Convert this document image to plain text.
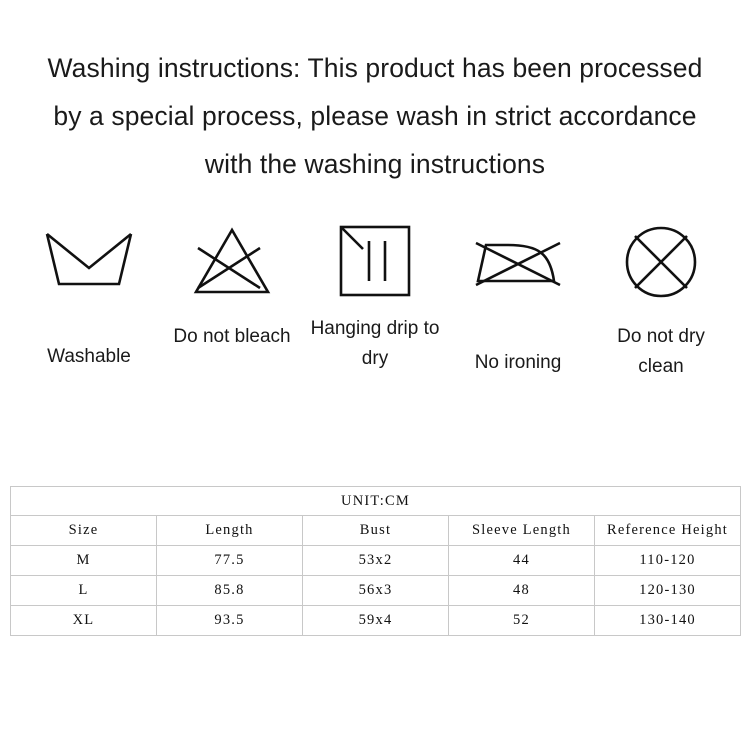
Washing instructions: This product has been processed by a special process, please wash in strict accordance with the washing instructions
Washable
Do not bleach Hanging drip to dry	No ironing
Do not dry clean
UNIT:CM				
Size	Length	Bust	Sleeve Length	Reference Height
M	77.5	53x2	44	110-120
L	85.8	56x3	48	120-130
XL	93.5	59x4	52	130-140
